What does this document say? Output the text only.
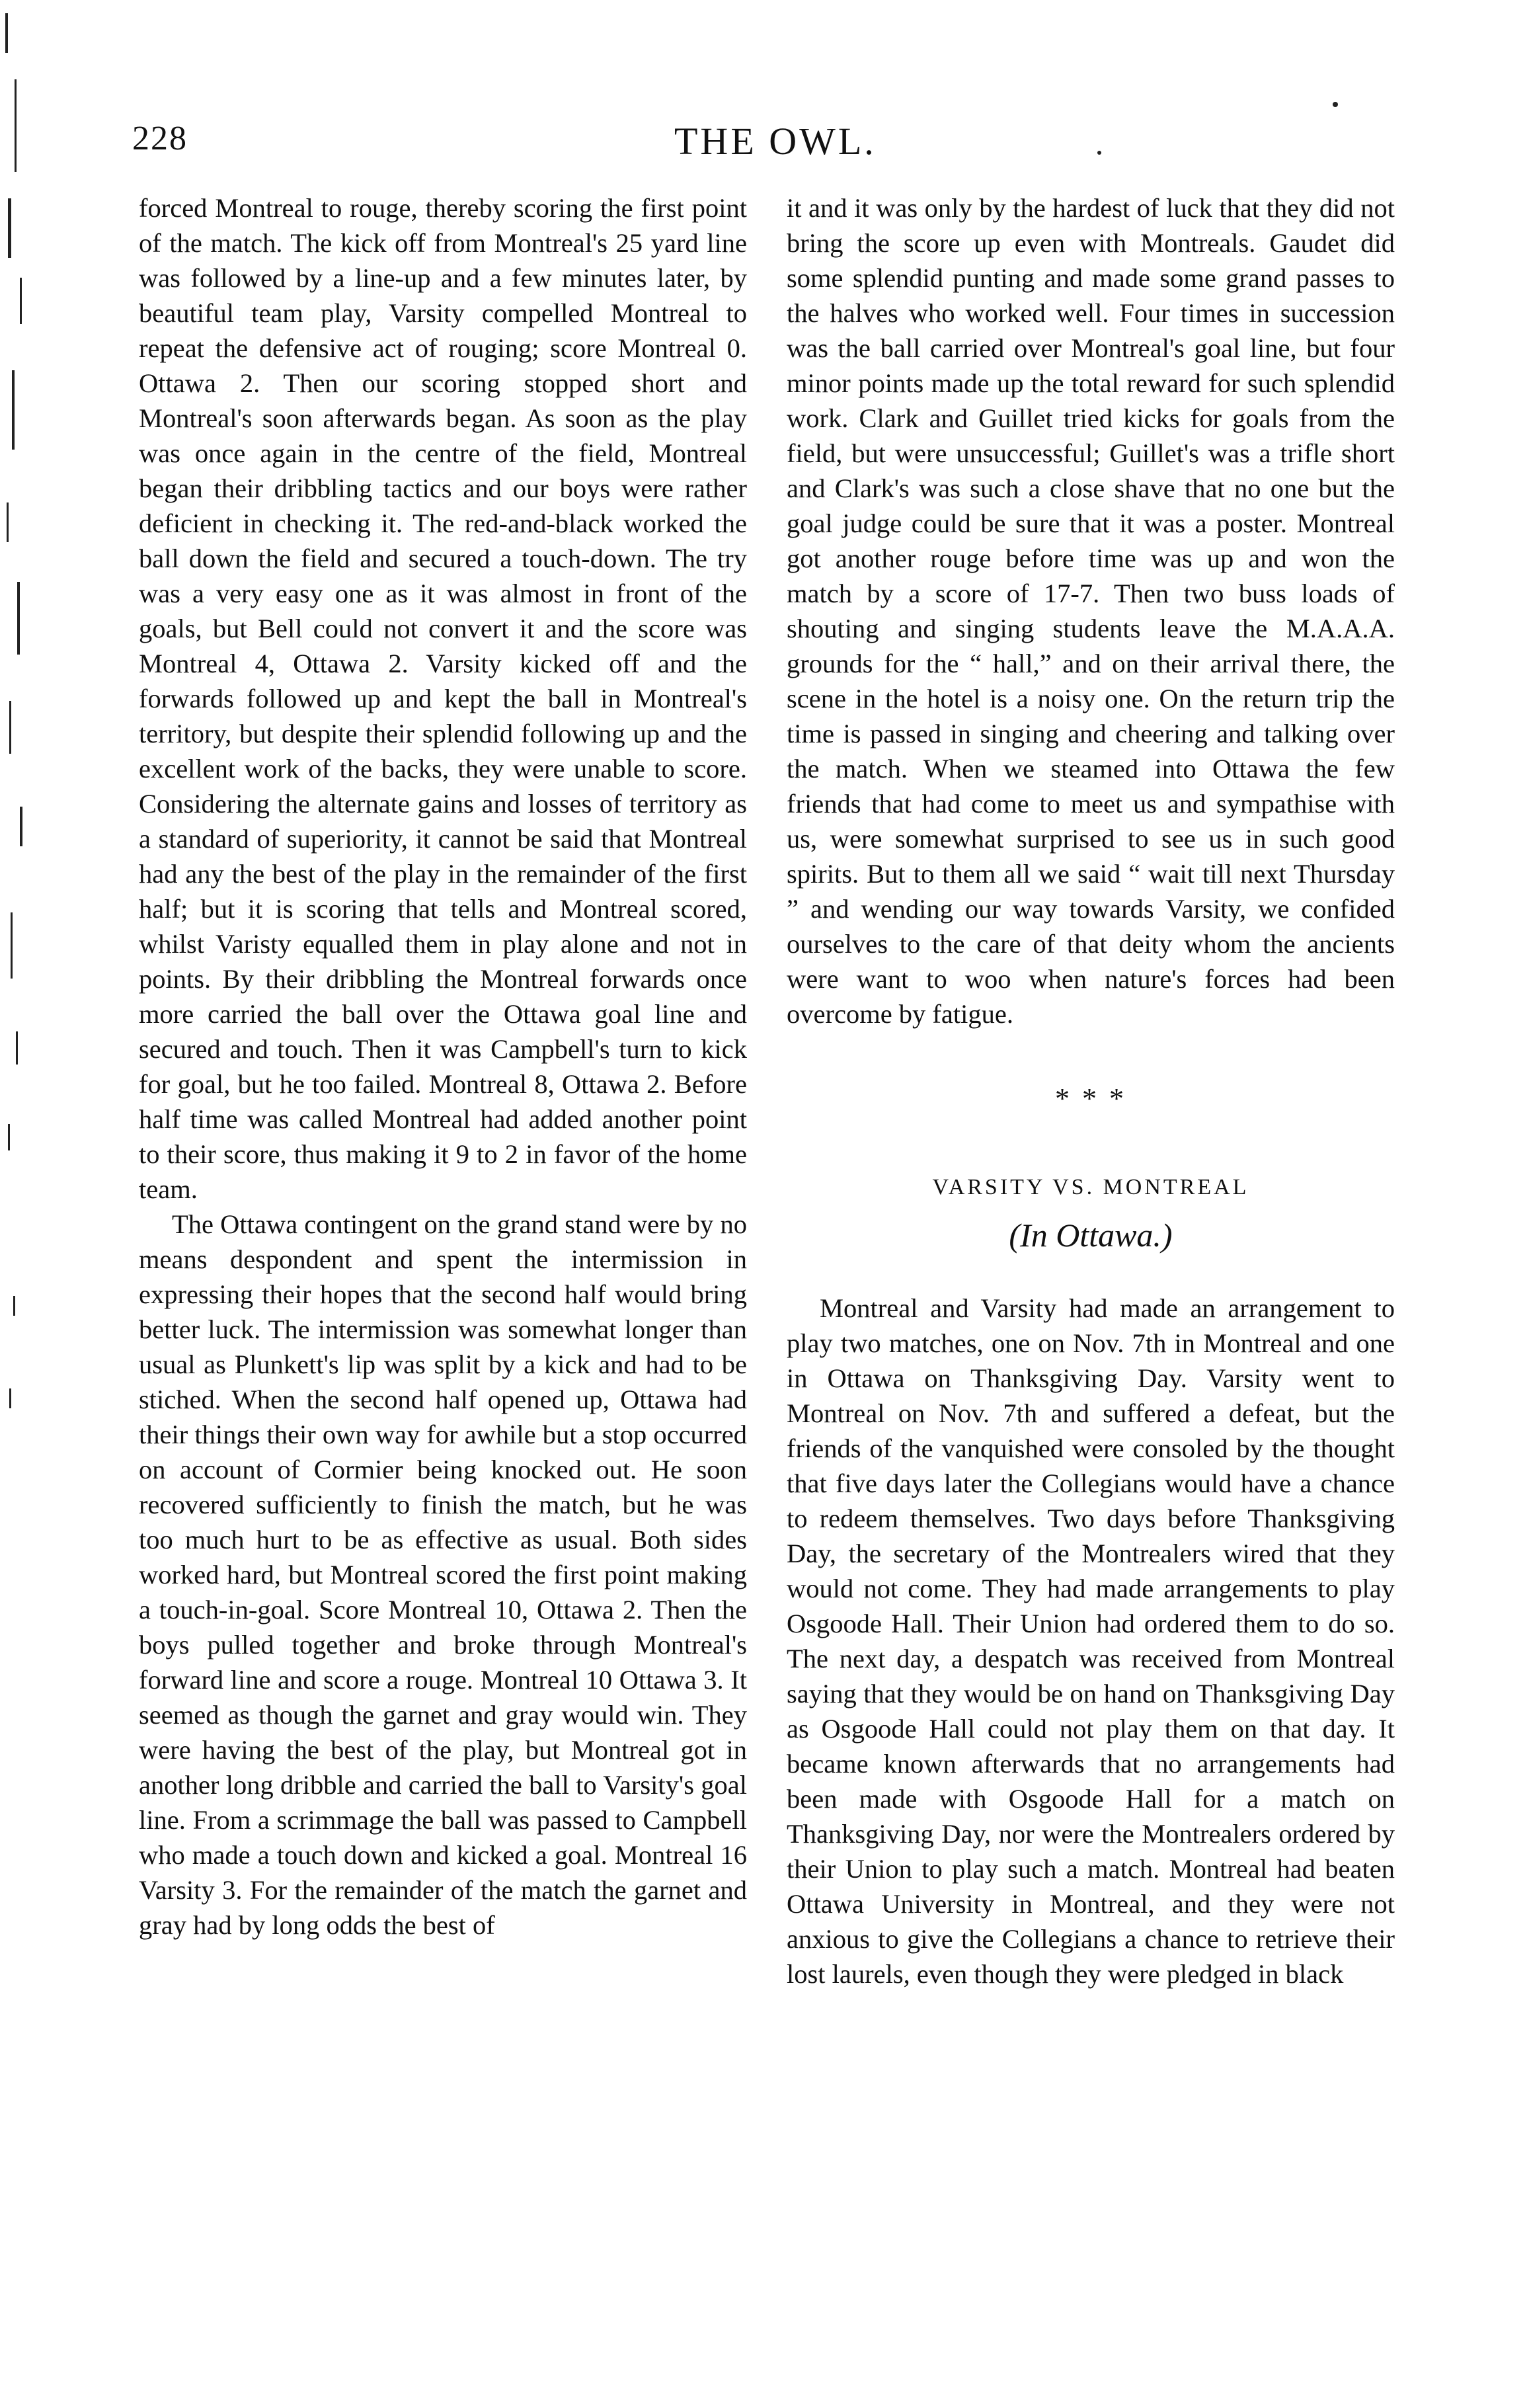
228	THE OWL.

forced Montreal to rouge, thereby scoring the first point of the match. The kick off from Montreal's 25 yard line was followed by a line-up and a few minutes later, by beautiful team play, Varsity compelled Montreal to repeat the defensive act of rouging; score Montreal 0. Ottawa 2. Then our scoring stopped short and Montreal's soon afterwards began. As soon as the play was once again in the centre of the field, Montreal began their dribbling tactics and our boys were rather deficient in checking it. The red-and-black worked the ball down the field and secured a touch-down. The try was a very easy one as it was almost in front of the goals, but Bell could not convert it and the score was Montreal 4, Ottawa 2. Varsity kicked off and the forwards followed up and kept the ball in Montreal's territory, but despite their splendid following up and the excellent work of the backs, they were unable to score. Considering the alternate gains and losses of territory as a standard of superiority, it cannot be said that Montreal had any the best of the play in the remainder of the first half; but it is scoring that tells and Montreal scored, whilst Varisty equalled them in play alone and not in points. By their dribbling the Montreal forwards once more carried the ball over the Ottawa goal line and secured and touch. Then it was Campbell's turn to kick for goal, but he too failed. Montreal 8, Ottawa 2. Before half time was called Montreal had added another point to their score, thus making it 9 to 2 in favor of the home team.

The Ottawa contingent on the grand stand were by no means despondent and spent the intermission in expressing their hopes that the second half would bring better luck. The intermission was somewhat longer than usual as Plunkett's lip was split by a kick and had to be stiched. When the second half opened up, Ottawa had their things their own way for awhile but a stop occurred on account of Cormier being knocked out. He soon recovered sufficiently to finish the match, but he was too much hurt to be as effective as usual. Both sides worked hard, but Montreal scored the first point making a touch-in-goal. Score Montreal 10, Ottawa 2. Then the boys pulled together and broke through Montreal's forward line and score a rouge. Montreal 10 Ottawa 3. It seemed as though the garnet and gray would win. They were having the best of the play, but Montreal got in another long dribble and carried the ball to Varsity's goal line. From a scrimmage the ball was passed to Campbell who made a touch down and kicked a goal. Montreal 16 Varsity 3. For the remainder of the match the garnet and gray had by long odds the best of

it and it was only by the hardest of luck that they did not bring the score up even with Montreals. Gaudet did some splendid punting and made some grand passes to the halves who worked well. Four times in succession was the ball carried over Montreal's goal line, but four minor points made up the total reward for such splendid work. Clark and Guillet tried kicks for goals from the field, but were unsuccessful; Guillet's was a trifle short and Clark's was such a close shave that no one but the goal judge could be sure that it was a poster. Montreal got another rouge before time was up and won the match by a score of 17-7. Then two buss loads of shouting and singing students leave the M.A.A.A. grounds for the “ hall,” and on their arrival there, the scene in the hotel is a noisy one. On the return trip the time is passed in singing and cheering and talking over the match. When we steamed into Ottawa the few friends that had come to meet us and sympathise with us, were somewhat surprised to see us in such good spirits. But to them all we said “ wait till next Thursday ” and wending our way towards Varsity, we confided ourselves to the care of that deity whom the ancients were want to woo when nature's forces had been overcome by fatigue.

* * *
VARSITY VS. MONTREAL
(In Ottawa.)

Montreal and Varsity had made an arrangement to play two matches, one on Nov. 7th in Montreal and one in Ottawa on Thanksgiving Day. Varsity went to Montreal on Nov. 7th and suffered a defeat, but the friends of the vanquished were consoled by the thought that five days later the Collegians would have a chance to redeem themselves. Two days before Thanksgiving Day, the secretary of the Montrealers wired that they would not come. They had made arrangements to play Osgoode Hall. Their Union had ordered them to do so. The next day, a despatch was received from Montreal saying that they would be on hand on Thanksgiving Day as Osgoode Hall could not play them on that day. It became known afterwards that no arrangements had been made with Osgoode Hall for a match on Thanksgiving Day, nor were the Montrealers ordered by their Union to play such a match. Montreal had beaten Ottawa University in Montreal, and they were not anxious to give the Collegians a chance to retrieve their lost laurels, even though they were pledged in black
